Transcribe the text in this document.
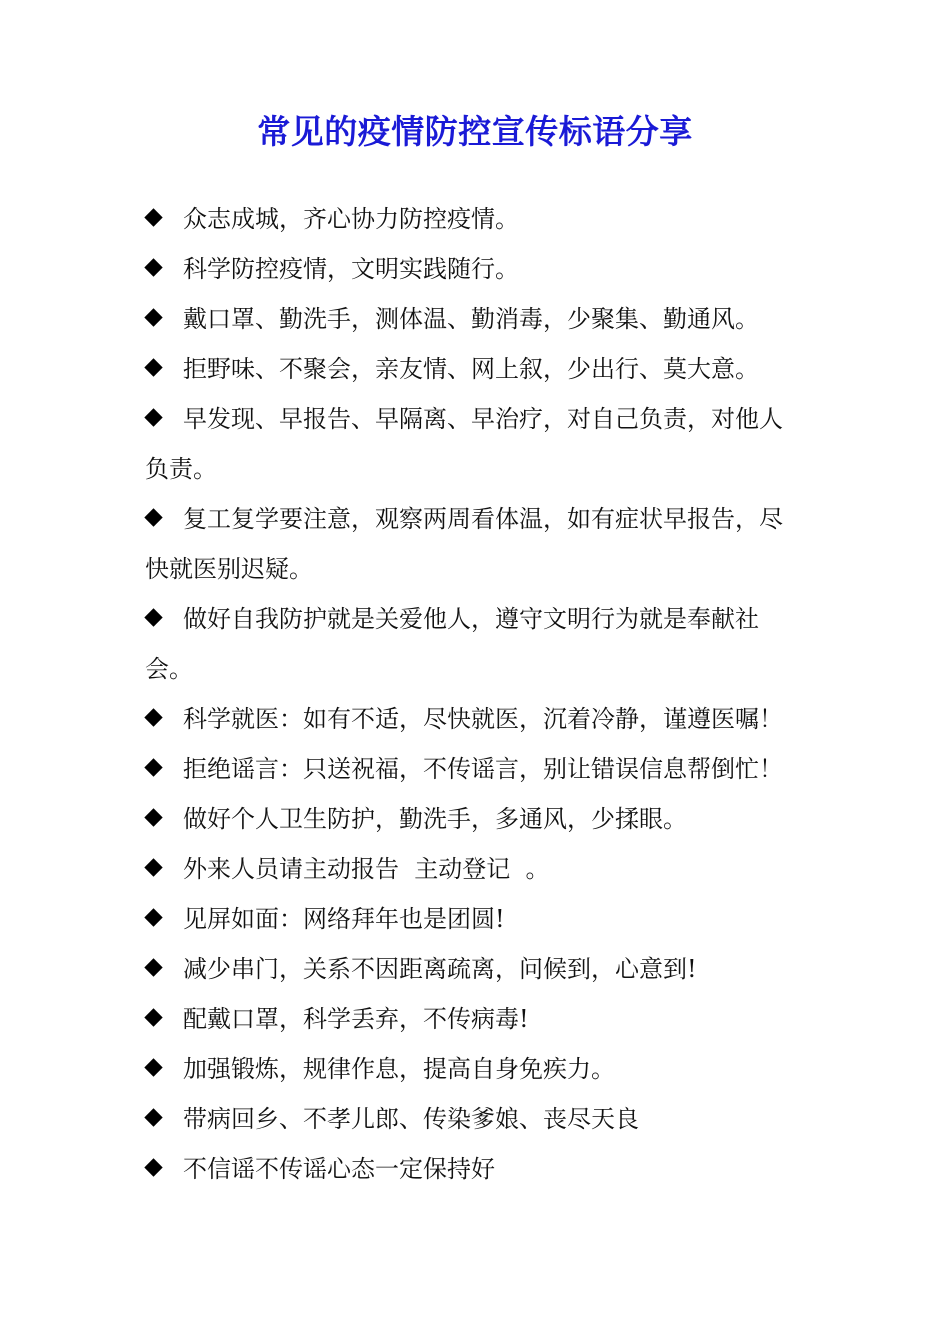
常见的疫情防控宣传标语分享
众志成城，齐心协力防控疫情。
科学防控疫情，文明实践随行。
戴口罩、勤洗手，测体温、勤消毒，少聚集、勤通风。
拒野味、不聚会，亲友情、网上叙，少出行、莫大意。
早发现、早报告、早隔离、早治疗，对自己负责，对他人负责。
复工复学要注意，观察两周看体温，如有症状早报告，尽快就医别迟疑。
做好自我防护就是关爱他人，遵守文明行为就是奉献社会。
科学就医：如有不适，尽快就医，沉着冷静，谨遵医嘱！
拒绝谣言：只送祝福，不传谣言，别让错误信息帮倒忙！
做好个人卫生防护，勤洗手，多通风，少揉眼。
外来人员请主动报告  主动登记  。
见屏如面：网络拜年也是团圆!
减少串门，关系不因距离疏离，问候到，心意到!
配戴口罩，科学丢弃，不传病毒!
加强锻炼，规律作息，提高自身免疾力。
带病回乡、不孝儿郎、传染爹娘、丧尽天良
不信谣不传谣心态一定保持好
